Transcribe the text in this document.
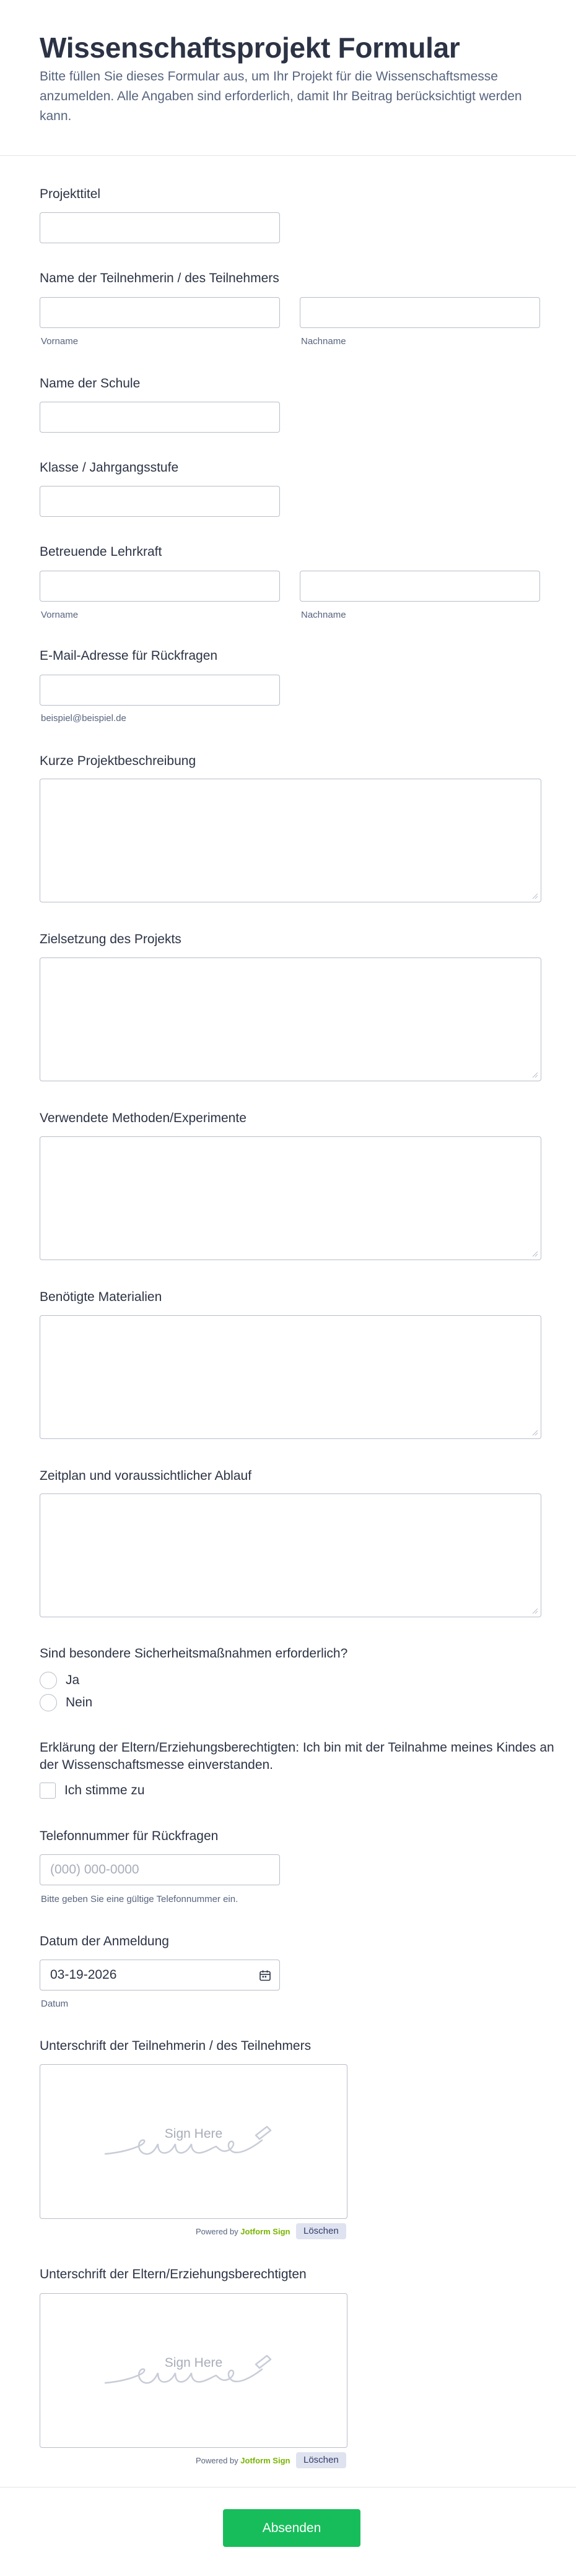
Wissenschaftsprojekt Formular
Bitte füllen Sie dieses Formular aus, um Ihr Projekt für die Wissenschaftsmesse anzumelden. Alle Angaben sind erforderlich, damit Ihr Beitrag berücksichtigt werden kann.
Projekttitel
Name der Teilnehmerin / des Teilnehmers
Vorname	Nachname
Name der Schule
Klasse / Jahrgangsstufe
Betreuende Lehrkraft
Vorname	Nachname
E-Mail-Adresse für Rückfragen
beispiel@beispiel.de
Kurze Projektbeschreibung
Zielsetzung des Projekts
Verwendete Methoden/Experimente
Benötigte Materialien
Zeitplan und voraussichtlicher Ablauf
Sind besondere Sicherheitsmaßnahmen erforderlich?
Ja
Nein
Erklärung der Eltern/Erziehungsberechtigten: Ich bin mit der Teilnahme meines Kindes an der Wissenschaftsmesse einverstanden.
Ich stimme zu
Telefonnummer für Rückfragen
(000) 000-0000
Bitte geben Sie eine gültige Telefonnummer ein.
Datum der Anmeldung
03-19-2026
Datum
Unterschrift der Teilnehmerin / des Teilnehmers
Sign Here
Powered by Jotform Sign	Löschen
Unterschrift der Eltern/Erziehungsberechtigten
Sign Here
Powered by Jotform Sign	Löschen
Absenden
